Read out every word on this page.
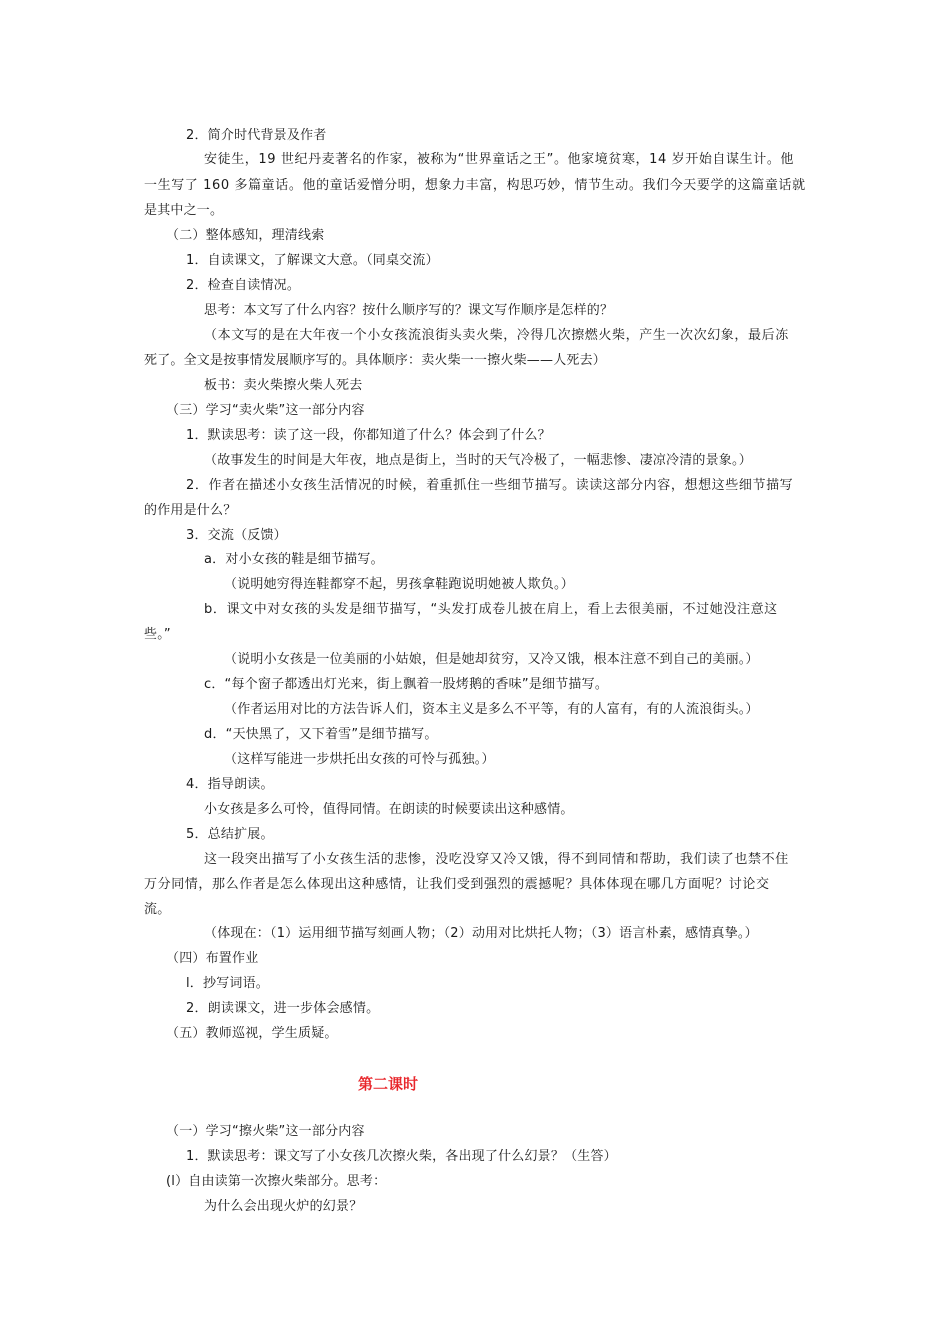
2．简介时代背景及作者
安徒生，19 世纪丹麦著名的作家，被称为“世界童话之王”。他家境贫寒，14 岁开始自谋生计。他
一生写了 160 多篇童话。他的童话爱憎分明，想象力丰富，构思巧妙，情节生动。我们今天要学的这篇童话就
是其中之一。
（二）整体感知，理清线索
1．自读课文，了解课文大意。（同桌交流）
2．检查自读情况。
思考：本文写了什么内容？按什么顺序写的？课文写作顺序是怎样的？
（本文写的是在大年夜一个小女孩流浪街头卖火柴，冷得几次擦燃火柴，产生一次次幻象，最后冻
死了。全文是按事情发展顺序写的。具体顺序：卖火柴一一擦火柴——人死去）
板书：卖火柴擦火柴人死去
（三）学习“卖火柴”这一部分内容
1．默读思考：读了这一段，你都知道了什么？体会到了什么？
（故事发生的时间是大年夜，地点是街上，当时的天气冷极了，一幅悲惨、凄凉冷清的景象。）
2．作者在描述小女孩生活情况的时候，着重抓住一些细节描写。读读这部分内容，想想这些细节描写
的作用是什么？
3．交流（反馈）
a．对小女孩的鞋是细节描写。
（说明她穷得连鞋都穿不起，男孩拿鞋跑说明她被人欺负。）
b．课文中对女孩的头发是细节描写，“头发打成卷儿披在肩上，看上去很美丽，不过她没注意这
些。”
（说明小女孩是一位美丽的小姑娘，但是她却贫穷，又冷又饿，根本注意不到自己的美丽。）
c．“每个窗子都透出灯光来，街上飘着一股烤鹅的香味”是细节描写。
（作者运用对比的方法告诉人们，资本主义是多么不平等，有的人富有，有的人流浪街头。）
d．“天快黑了，又下着雪”是细节描写。
（这样写能进一步烘托出女孩的可怜与孤独。）
4．指导朗读。
小女孩是多么可怜，值得同情。在朗读的时候要读出这种感情。
5．总结扩展。
这一段突出描写了小女孩生活的悲惨，没吃没穿又冷又饿，得不到同情和帮助，我们读了也禁不住
万分同情，那么作者是怎么体现出这种感情，让我们受到强烈的震撼呢？具体体现在哪几方面呢？讨论交
流。
（体现在：（1）运用细节描写刻画人物；（2）动用对比烘托人物；（3）语言朴素，感情真挚。）
（四）布置作业
l．抄写词语。
2．朗读课文，进一步体会感情。
（五）教师巡视，学生质疑。
第二课时
（一）学习“擦火柴”这一部分内容
1．默读思考：课文写了小女孩几次擦火柴，各出现了什么幻景？（生答）
(l）自由读第一次擦火柴部分。思考：
为什么会出现火炉的幻景？
